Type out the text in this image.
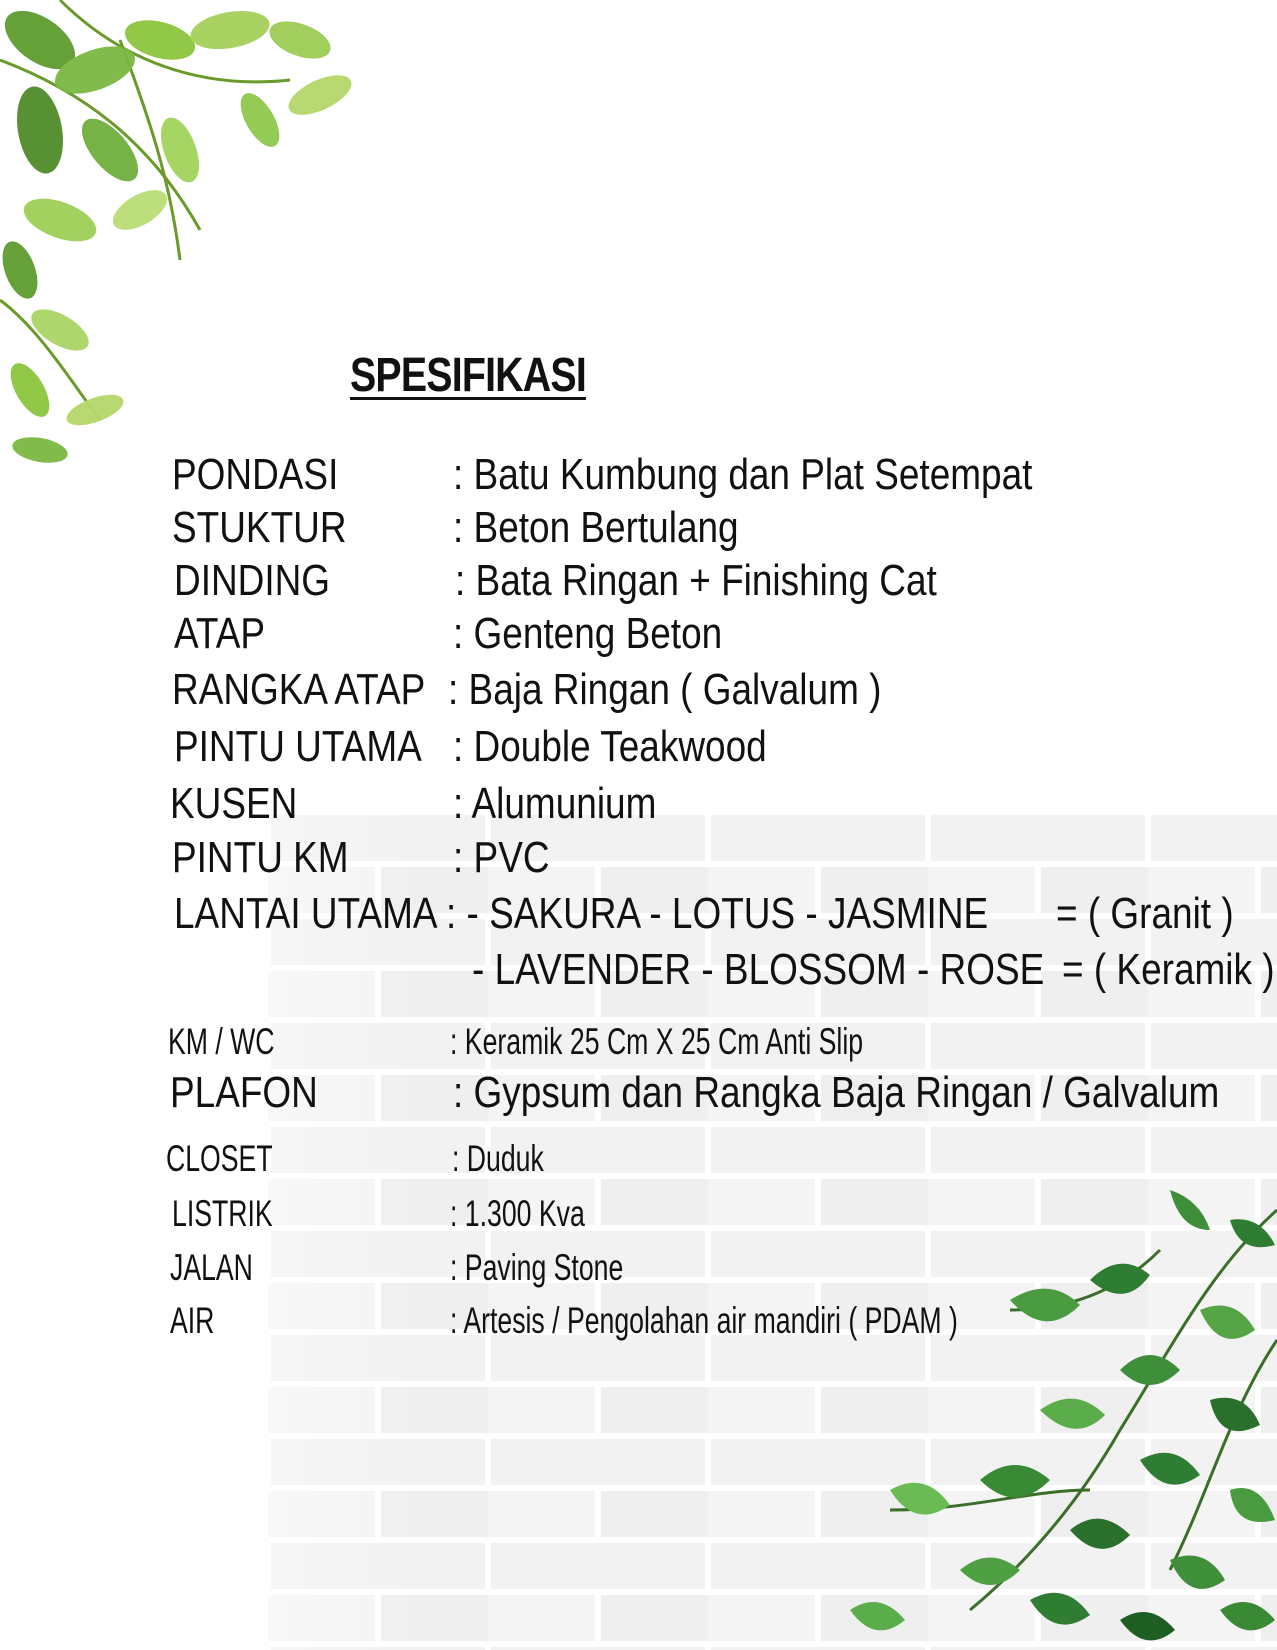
SPESIFIKASI
PONDASI	: Batu Kumbung dan Plat Setempat
STUKTUR : Beton Bertulang
DINDING	: Bata Ringan + Finishing Cat
ATAP	: Genteng Beton
RANGKA ATAP : Baja Ringan ( Galvalum )
PINTU UTAMA : Double Teakwood
KUSEN	: Alumunium
PINTU KM : PVC
LANTAI UTAMA : - SAKURA - LOTUS - JASMINE = ( Granit )
- LAVENDER - BLOSSOM - ROSE = ( Keramik )
KM / WC	: Keramik 25 Cm X 25 Cm Anti Slip
PLAFON	: Gypsum dan Rangka Baja Ringan / Galvalum
CLOSET	: Duduk
LISTRIK	: 1.300 Kva
JALAN	: Paving Stone
AIR	: Artesis / Pengolahan air mandiri ( PDAM )
